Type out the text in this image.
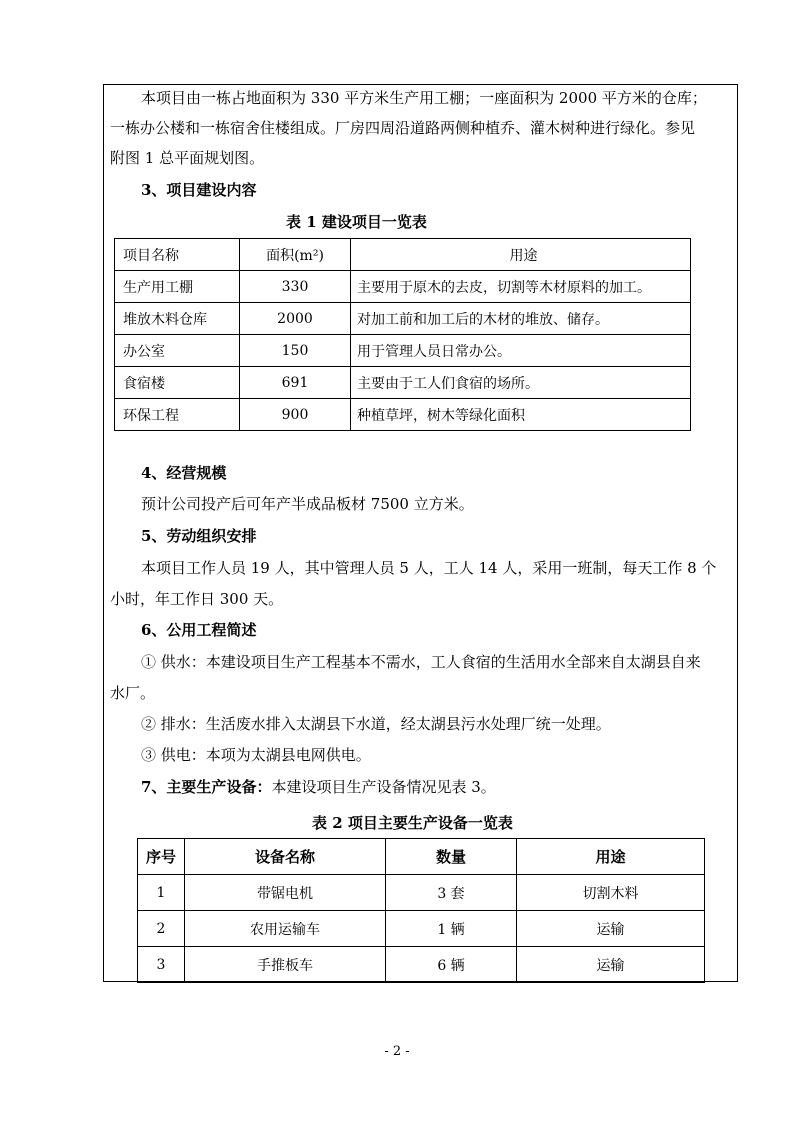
本项目由一栋占地面积为 330 平方米生产用工棚；一座面积为 2000 平方米的仓库；
一栋办公楼和一栋宿舍住楼组成。厂房四周沿道路两侧种植乔、灌木树种进行绿化。参见
附图 1 总平面规划图。
3、项目建设内容
表 1 建设项目一览表
项目名称	面积(m²)	用途
生产用工棚	330	主要用于原木的去皮，切割等木材原料的加工。
堆放木料仓库	2000	对加工前和加工后的木材的堆放、储存。
办公室	150	用于管理人员日常办公。
食宿楼	691	主要由于工人们食宿的场所。
环保工程	900	种植草坪，树木等绿化面积
4、经营规模
预计公司投产后可年产半成品板材 7500 立方米。
5、劳动组织安排
本项目工作人员 19 人，其中管理人员 5 人，工人 14 人，采用一班制，每天工作 8 个
小时，年工作日 300 天。
6、公用工程简述
① 供水：本建设项目生产工程基本不需水，工人食宿的生活用水全部来自太湖县自来
水厂。
② 排水：生活废水排入太湖县下水道，经太湖县污水处理厂统一处理。
③ 供电：本项为太湖县电网供电。
7、主要生产设备：本建设项目生产设备情况见表 3。
表 2 项目主要生产设备一览表
序号	设备名称	数量	用途
1	带锯电机	3 套	切割木料
2	农用运输车	1 辆	运输
3	手推板车	6 辆	运输
- 2 -
